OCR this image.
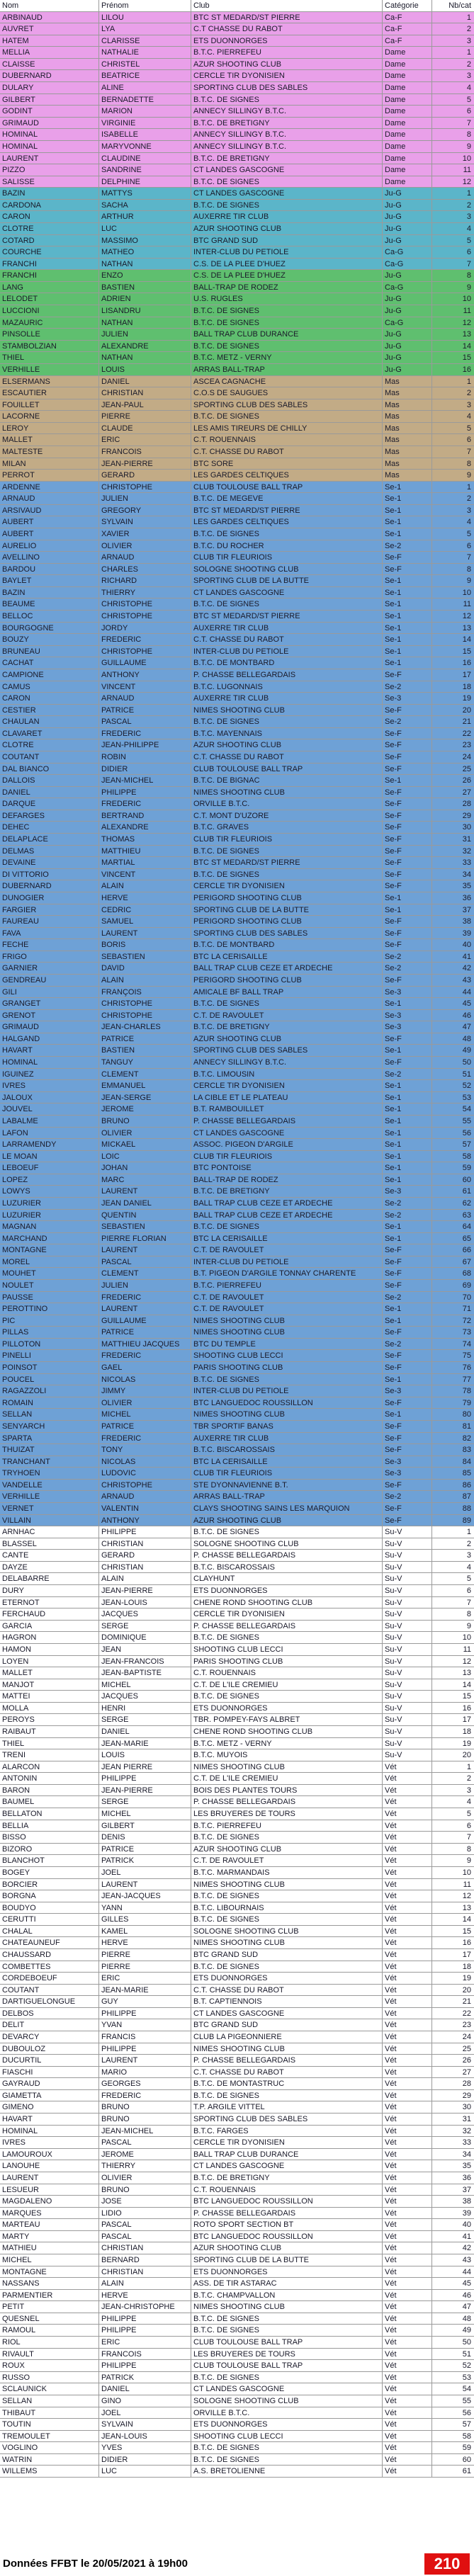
Nom	Prénom	Club	Catégorie	Nb/cat
ARBINAUD	LILOU	BTC ST MEDARD/ST PIERRE	Ca-F	1
AUVRET	LYA	C.T CHASSE DU RABOT	Ca-F	2
HATEM	CLARISSE	ETS DUONNORGES	Ca-F	3
MELLIA	NATHALIE	B.T.C. PIERREFEU	Dame	1
CLAISSE	CHRISTEL	AZUR SHOOTING CLUB	Dame	2
DUBERNARD	BEATRICE	CERCLE TIR DYONISIEN	Dame	3
DULARY	ALINE	SPORTING CLUB DES SABLES	Dame	4
GILBERT	BERNADETTE	B.T.C. DE SIGNES	Dame	5
GODINT	MARION	ANNECY SILLINGY B.T.C.	Dame	6
GRIMAUD	VIRGINIE	B.T.C. DE BRETIGNY	Dame	7
HOMINAL	ISABELLE	ANNECY SILLINGY B.T.C.	Dame	8
HOMINAL	MARYVONNE	ANNECY SILLINGY B.T.C.	Dame	9
LAURENT	CLAUDINE	B.T.C. DE BRETIGNY	Dame	10
PIZZO	SANDRINE	CT LANDES GASCOGNE	Dame	11
SALISSE	DELPHINE	B.T.C. DE SIGNES	Dame	12
BAZIN	MATTYS	CT LANDES GASCOGNE	Ju-G	1
CARDONA	SACHA	B.T.C. DE SIGNES	Ju-G	2
CARON	ARTHUR	AUXERRE TIR CLUB	Ju-G	3
CLOTRE	LUC	AZUR SHOOTING CLUB	Ju-G	4
COTARD	MASSIMO	BTC GRAND SUD	Ju-G	5
COURCHE	MATHEO	INTER-CLUB DU PETIOLE	Ca-G	6
FRANCHI	NATHAN	C.S. DE LA PLEE D'HUEZ	Ca-G	7
FRANCHI	ENZO	C.S. DE LA PLEE D'HUEZ	Ju-G	8
LANG	BASTIEN	BALL-TRAP DE RODEZ	Ca-G	9
LELODET	ADRIEN	U.S. RUGLES	Ju-G	10
LUCCIONI	LISANDRU	B.T.C. DE SIGNES	Ju-G	11
MAZAURIC	NATHAN	B.T.C. DE SIGNES	Ca-G	12
PINSOLLE	JULIEN	BALL TRAP CLUB DURANCE	Ju-G	13
STAMBOLZIAN	ALEXANDRE	B.T.C. DE SIGNES	Ju-G	14
THIEL	NATHAN	B.T.C. METZ - VERNY	Ju-G	15
VERHILLE	LOUIS	ARRAS BALL-TRAP	Ju-G	16
ELSERMANS	DANIEL	ASCEA CAGNACHE	Mas	1
ESCAUTIER	CHRISTIAN	C.O.S DE SAUGUES	Mas	2
FOUILLET	JEAN-PAUL	SPORTING CLUB DES SABLES	Mas	3
LACORNE	PIERRE	B.T.C. DE SIGNES	Mas	4
LEROY	CLAUDE	LES AMIS TIREURS DE CHILLY	Mas	5
MALLET	ERIC	C.T. ROUENNAIS	Mas	6
MALTESTE	FRANCOIS	C.T. CHASSE DU RABOT	Mas	7
MILAN	JEAN-PIERRE	BTC SORE	Mas	8
PERROT	GERARD	LES GARDES CELTIQUES	Mas	9
ARDENNE	CHRISTOPHE	CLUB TOULOUSE BALL TRAP	Se-1	1
ARNAUD	JULIEN	B.T.C. DE MEGEVE	Se-1	2
ARSIVAUD	GREGORY	BTC ST MEDARD/ST PIERRE	Se-1	3
AUBERT	SYLVAIN	LES GARDES CELTIQUES	Se-1	4
AUBERT	XAVIER	B.T.C. DE SIGNES	Se-1	5
AURELIO	OLIVIER	B.T.C. DU ROCHER	Se-2	6
AVELLINO	ARNAUD	CLUB TIR FLEURIOIS	Se-F	7
BARDOU	CHARLES	SOLOGNE SHOOTING CLUB	Se-F	8
BAYLET	RICHARD	SPORTING CLUB DE LA BUTTE	Se-1	9
BAZIN	THIERRY	CT LANDES GASCOGNE	Se-1	10
BEAUME	CHRISTOPHE	B.T.C. DE SIGNES	Se-1	11
BELLOC	CHRISTOPHE	BTC ST MEDARD/ST PIERRE	Se-1	12
BOURGOGNE	JORDY	AUXERRE TIR CLUB	Se-1	13
BOUZY	FREDERIC	C.T. CHASSE DU RABOT	Se-1	14
BRUNEAU	CHRISTOPHE	INTER-CLUB DU PETIOLE	Se-1	15
CACHAT	GUILLAUME	B.T.C. DE MONTBARD	Se-1	16
CAMPIONE	ANTHONY	P. CHASSE BELLEGARDAIS	Se-F	17
CAMUS	VINCENT	B.T.C. LUGONNAIS	Se-2	18
CARON	ARNAUD	AUXERRE TIR CLUB	Se-3	19
CESTIER	PATRICE	NIMES SHOOTING CLUB	Se-F	20
CHAULAN	PASCAL	B.T.C. DE SIGNES	Se-2	21
CLAVARET	FREDERIC	B.T.C. MAYENNAIS	Se-F	22
CLOTRE	JEAN-PHILIPPE	AZUR SHOOTING CLUB	Se-F	23
COUTANT	ROBIN	C.T. CHASSE DU RABOT	Se-F	24
DAL BIANCO	DIDIER	CLUB TOULOUSE BALL TRAP	Se-F	25
DALLOIS	JEAN-MICHEL	B.T.C. DE BIGNAC	Se-1	26
DANIEL	PHILIPPE	NIMES SHOOTING CLUB	Se-F	27
DARQUE	FREDERIC	ORVILLE B.T.C.	Se-F	28
DEFARGES	BERTRAND	C.T. MONT D'UZORE	Se-F	29
DEHEC	ALEXANDRE	B.T.C. GRAVES	Se-F	30
DELAPLACE	THOMAS	CLUB TIR FLEURIOIS	Se-F	31
DELMAS	MATTHIEU	B.T.C. DE SIGNES	Se-F	32
DEVAINE	MARTIAL	BTC ST MEDARD/ST PIERRE	Se-F	33
DI VITTORIO	VINCENT	B.T.C. DE SIGNES	Se-F	34
DUBERNARD	ALAIN	CERCLE TIR DYONISIEN	Se-F	35
DUNOGIER	HERVE	PERIGORD SHOOTING CLUB	Se-1	36
FARGIER	CEDRIC	SPORTING CLUB DE LA BUTTE	Se-1	37
FAUREAU	SAMUEL	PERIGORD SHOOTING CLUB	Se-F	38
FAVA	LAURENT	SPORTING CLUB DES SABLES	Se-F	39
FECHE	BORIS	B.T.C. DE MONTBARD	Se-F	40
FRIGO	SEBASTIEN	BTC LA CERISAILLE	Se-2	41
GARNIER	DAVID	BALL TRAP CLUB CEZE ET ARDECHE	Se-2	42
GENDREAU	ALAIN	PERIGORD SHOOTING CLUB	Se-F	43
GILI	FRANÇOIS	AMICALE BF BALL TRAP	Se-3	44
GRANGET	CHRISTOPHE	B.T.C. DE SIGNES	Se-1	45
GRENOT	CHRISTOPHE	C.T. DE RAVOULET	Se-3	46
GRIMAUD	JEAN-CHARLES	B.T.C. DE BRETIGNY	Se-3	47
HALGAND	PATRICE	AZUR SHOOTING CLUB	Se-F	48
HAVART	BASTIEN	SPORTING CLUB DES SABLES	Se-1	49
HOMINAL	TANGUY	ANNECY SILLINGY B.T.C.	Se-F	50
IGUINEZ	CLEMENT	B.T.C. LIMOUSIN	Se-2	51
IVRES	EMMANUEL	CERCLE TIR DYONISIEN	Se-1	52
JALOUX	JEAN-SERGE	LA CIBLE ET LE PLATEAU	Se-1	53
JOUVEL	JEROME	B.T. RAMBOUILLET	Se-1	54
LABALME	BRUNO	P. CHASSE BELLEGARDAIS	Se-1	55
LAFON	OLIVIER	CT LANDES GASCOGNE	Se-1	56
LARRAMENDY	MICKAEL	ASSOC. PIGEON D'ARGILE	Se-1	57
LE MOAN	LOIC	CLUB TIR FLEURIOIS	Se-1	58
LEBOEUF	JOHAN	BTC PONTOISE	Se-1	59
LOPEZ	MARC	BALL-TRAP DE RODEZ	Se-1	60
LOWYS	LAURENT	B.T.C. DE BRETIGNY	Se-3	61
LUZURIER	JEAN DANIEL	BALL TRAP CLUB CEZE ET ARDECHE	Se-2	62
LUZURIER	QUENTIN	BALL TRAP CLUB CEZE ET ARDECHE	Se-2	63
MAGNAN	SEBASTIEN	B.T.C. DE SIGNES	Se-1	64
MARCHAND	PIERRE FLORIAN	BTC LA CERISAILLE	Se-1	65
MONTAGNE	LAURENT	C.T. DE RAVOULET	Se-F	66
MOREL	PASCAL	INTER-CLUB DU PETIOLE	Se-F	67
MOUHET	CLEMENT	B.T. PIGEON D'ARGILE TONNAY CHARENTE	Se-F	68
NOULET	JULIEN	B.T.C. PIERREFEU	Se-F	69
PAUSSE	FREDERIC	C.T. DE RAVOULET	Se-2	70
PEROTTINO	LAURENT	C.T. DE RAVOULET	Se-1	71
PIC	GUILLAUME	NIMES SHOOTING CLUB	Se-1	72
PILLAS	PATRICE	NIMES SHOOTING CLUB	Se-F	73
PILLOTON	MATTHIEU JACQUES	BTC DU TEMPLE	Se-2	74
PINELLI	FREDERIC	SHOOTING CLUB LECCI	Se-F	75
POINSOT	GAEL	PARIS SHOOTING CLUB	Se-F	76
POUCEL	NICOLAS	B.T.C. DE SIGNES	Se-1	77
RAGAZZOLI	JIMMY	INTER-CLUB DU PETIOLE	Se-3	78
ROMAIN	OLIVIER	BTC LANGUEDOC ROUSSILLON	Se-F	79
SELLAN	MICHEL	NIMES SHOOTING CLUB	Se-1	80
SENYARCH	PATRICE	TBR SPORTIF BANAS	Se-F	81
SPARTA	FREDERIC	AUXERRE TIR CLUB	Se-F	82
THUIZAT	TONY	B.T.C. BISCAROSSAIS	Se-F	83
TRANCHANT	NICOLAS	BTC LA CERISAILLE	Se-3	84
TRYHOEN	LUDOVIC	CLUB TIR FLEURIOIS	Se-3	85
VANDELLE	CHRISTOPHE	STE DYONNAVIENNE B.T.	Se-F	86
VERHILLE	ARNAUD	ARRAS BALL-TRAP	Se-2	87
VERNET	VALENTIN	CLAYS SHOOTING SAINS LES MARQUION	Se-F	88
VILLAIN	ANTHONY	AZUR SHOOTING CLUB	Se-F	89
ARNHAC	PHILIPPE	B.T.C. DE SIGNES	Su-V	1
BLASSEL	CHRISTIAN	SOLOGNE SHOOTING CLUB	Su-V	2
CANTE	GERARD	P. CHASSE BELLEGARDAIS	Su-V	3
DAYZE	CHRISTIAN	B.T.C. BISCAROSSAIS	Su-V	4
DELABARRE	ALAIN	CLAYHUNT	Su-V	5
DURY	JEAN-PIERRE	ETS DUONNORGES	Su-V	6
ETERNOT	JEAN-LOUIS	CHENE ROND SHOOTING CLUB	Su-V	7
FERCHAUD	JACQUES	CERCLE TIR DYONISIEN	Su-V	8
GARCIA	SERGE	P. CHASSE BELLEGARDAIS	Su-V	9
HAGRON	DOMINIQUE	B.T.C. DE SIGNES	Su-V	10
HAMON	JEAN	SHOOTING CLUB LECCI	Su-V	11
LOYEN	JEAN-FRANCOIS	PARIS SHOOTING CLUB	Su-V	12
MALLET	JEAN-BAPTISTE	C.T. ROUENNAIS	Su-V	13
MANJOT	MICHEL	C.T. DE L'ILE CREMIEU	Su-V	14
MATTEI	JACQUES	B.T.C. DE SIGNES	Su-V	15
MOLLA	HENRI	ETS DUONNORGES	Su-V	16
PEROYS	SERGE	TBR. POMPEY-FAYS ALBRET	Su-V	17
RAIBAUT	DANIEL	CHENE ROND SHOOTING CLUB	Su-V	18
THIEL	JEAN-MARIE	B.T.C. METZ - VERNY	Su-V	19
TRENI	LOUIS	B.T.C. MUYOIS	Su-V	20
ALARCON	JEAN PIERRE	NIMES SHOOTING CLUB	Vét	1
ANTONIN	PHILIPPE	C.T. DE L'ILE CREMIEU	Vét	2
BARON	JEAN-PIERRE	BOIS DES PLANTES TOURS	Vét	3
BAUMEL	SERGE	P. CHASSE BELLEGARDAIS	Vét	4
BELLATON	MICHEL	LES BRUYERES DE TOURS	Vét	5
BELLIA	GILBERT	B.T.C. PIERREFEU	Vét	6
BISSO	DENIS	B.T.C. DE SIGNES	Vét	7
BIZORO	PATRICE	AZUR SHOOTING CLUB	Vét	8
BLANCHOT	PATRICK	C.T. DE RAVOULET	Vét	9
BOGEY	JOEL	B.T.C. MARMANDAIS	Vét	10
BORCIER	LAURENT	NIMES SHOOTING CLUB	Vét	11
BORGNA	JEAN-JACQUES	B.T.C. DE SIGNES	Vét	12
BOUDYO	YANN	B.T.C. LIBOURNAIS	Vét	13
CERUTTI	GILLES	B.T.C. DE SIGNES	Vét	14
CHALAL	KAMEL	SOLOGNE SHOOTING CLUB	Vét	15
CHATEAUNEUF	HERVE	NIMES SHOOTING CLUB	Vét	16
CHAUSSARD	PIERRE	BTC GRAND SUD	Vét	17
COMBETTES	PIERRE	B.T.C. DE SIGNES	Vét	18
CORDEBOEUF	ERIC	ETS DUONNORGES	Vét	19
COUTANT	JEAN-MARIE	C.T. CHASSE DU RABOT	Vét	20
DARTIGUELONGUE	GUY	B.T. CAPTIENNOIS	Vét	21
DELBOS	PHILIPPE	CT LANDES GASCOGNE	Vét	22
DELIT	YVAN	BTC GRAND SUD	Vét	23
DEVARCY	FRANCIS	CLUB LA PIGEONNIERE	Vét	24
DUBOULOZ	PHILIPPE	NIMES SHOOTING CLUB	Vét	25
DUCURTIL	LAURENT	P. CHASSE BELLEGARDAIS	Vét	26
FIASCHI	MARIO	C.T. CHASSE DU RABOT	Vét	27
GAYRAUD	GEORGES	B.T.C. DE MONTASTRUC	Vét	28
GIAMETTA	FREDERIC	B.T.C. DE SIGNES	Vét	29
GIMENO	BRUNO	T.P. ARGILE VITTEL	Vét	30
HAVART	BRUNO	SPORTING CLUB DES SABLES	Vét	31
HOMINAL	JEAN-MICHEL	B.T.C. FARGES	Vét	32
IVRES	PASCAL	CERCLE TIR DYONISIEN	Vét	33
LAMOUROUX	JEROME	BALL TRAP CLUB DURANCE	Vét	34
LANOUHE	THIERRY	CT LANDES GASCOGNE	Vét	35
LAURENT	OLIVIER	B.T.C. DE BRETIGNY	Vét	36
LESUEUR	BRUNO	C.T. ROUENNAIS	Vét	37
MAGDALENO	JOSE	BTC LANGUEDOC ROUSSILLON	Vét	38
MARQUES	LIDIO	P. CHASSE BELLEGARDAIS	Vét	39
MARTEAU	PASCAL	ROTO SPORT SECTION BT	Vét	40
MARTY	PASCAL	BTC LANGUEDOC ROUSSILLON	Vét	41
MATHIEU	CHRISTIAN	AZUR SHOOTING CLUB	Vét	42
MICHEL	BERNARD	SPORTING CLUB DE LA BUTTE	Vét	43
MONTAGNE	CHRISTIAN	ETS DUONNORGES	Vét	44
NASSANS	ALAIN	ASS. DE TIR ASTARAC	Vét	45
PARMENTIER	HERVE	B.T.C. CHAMPVALLON	Vét	46
PETIT	JEAN-CHRISTOPHE	NIMES SHOOTING CLUB	Vét	47
QUESNEL	PHILIPPE	B.T.C. DE SIGNES	Vét	48
RAMOUL	PHILIPPE	B.T.C. DE SIGNES	Vét	49
RIOL	ERIC	CLUB TOULOUSE BALL TRAP	Vét	50
RIVAULT	FRANCOIS	LES BRUYERES DE TOURS	Vét	51
ROUX	PHILIPPE	CLUB TOULOUSE BALL TRAP	Vét	52
RUSSO	PATRICK	B.T.C. DE SIGNES	Vét	53
SCLAUNICK	DANIEL	CT LANDES GASCOGNE	Vét	54
SELLAN	GINO	SOLOGNE SHOOTING CLUB	Vét	55
THIBAUT	JOEL	ORVILLE B.T.C.	Vét	56
TOUTIN	SYLVAIN	ETS DUONNORGES	Vét	57
TREMOULET	JEAN-LOUIS	SHOOTING CLUB LECCI	Vét	58
VOGLINO	YVES	B.T.C. DE SIGNES	Vét	59
WATRIN	DIDIER	B.T.C. DE SIGNES	Vét	60
WILLEMS	LUC	A.S. BRETOLIENNE	Vét	61
Données FFBT le 20/05/2021 à 19h00	210
